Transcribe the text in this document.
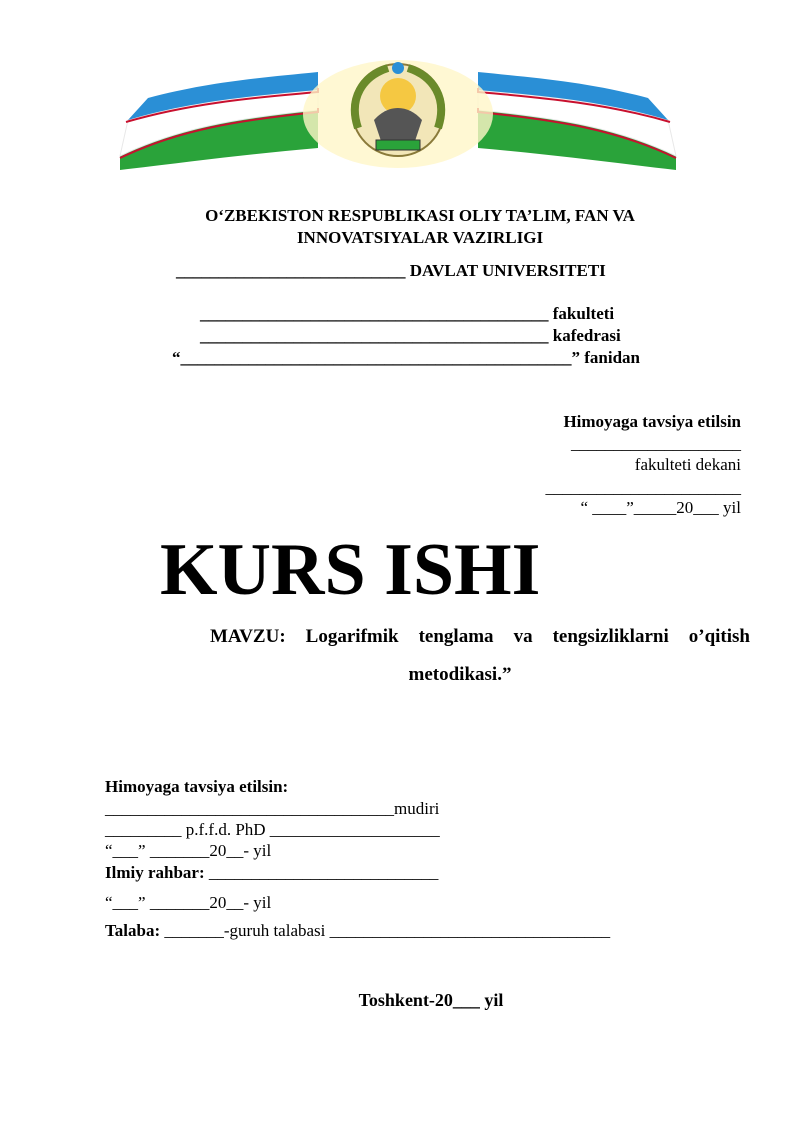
O‘ZBEKISTON RESPUBLIKASI OLIY TA’LIM, FAN VA
INNOVATSIYALAR VAZIRLIGI
___________________________ DAVLAT UNIVERSITETI
_________________________________________ fakulteti
_________________________________________ kafedrasi
“______________________________________________” fanidan
Himoyaga tavsiya etilsin
____________________
fakulteti dekani
_______________________
“ ____”_____20___ yil
KURS ISHI
MAVZU: Logarifmik tenglama va tengsizliklarni o’qitish
metodikasi.”
Himoyaga tavsiya etilsin:
__________________________________mudiri
_________ p.f.f.d. PhD ____________________
“___” _______20__- yil
Ilmiy rahbar: ___________________________
“___” _______20__- yil
Talaba: _______-guruh talabasi _________________________________
Toshkent-20___ yil
